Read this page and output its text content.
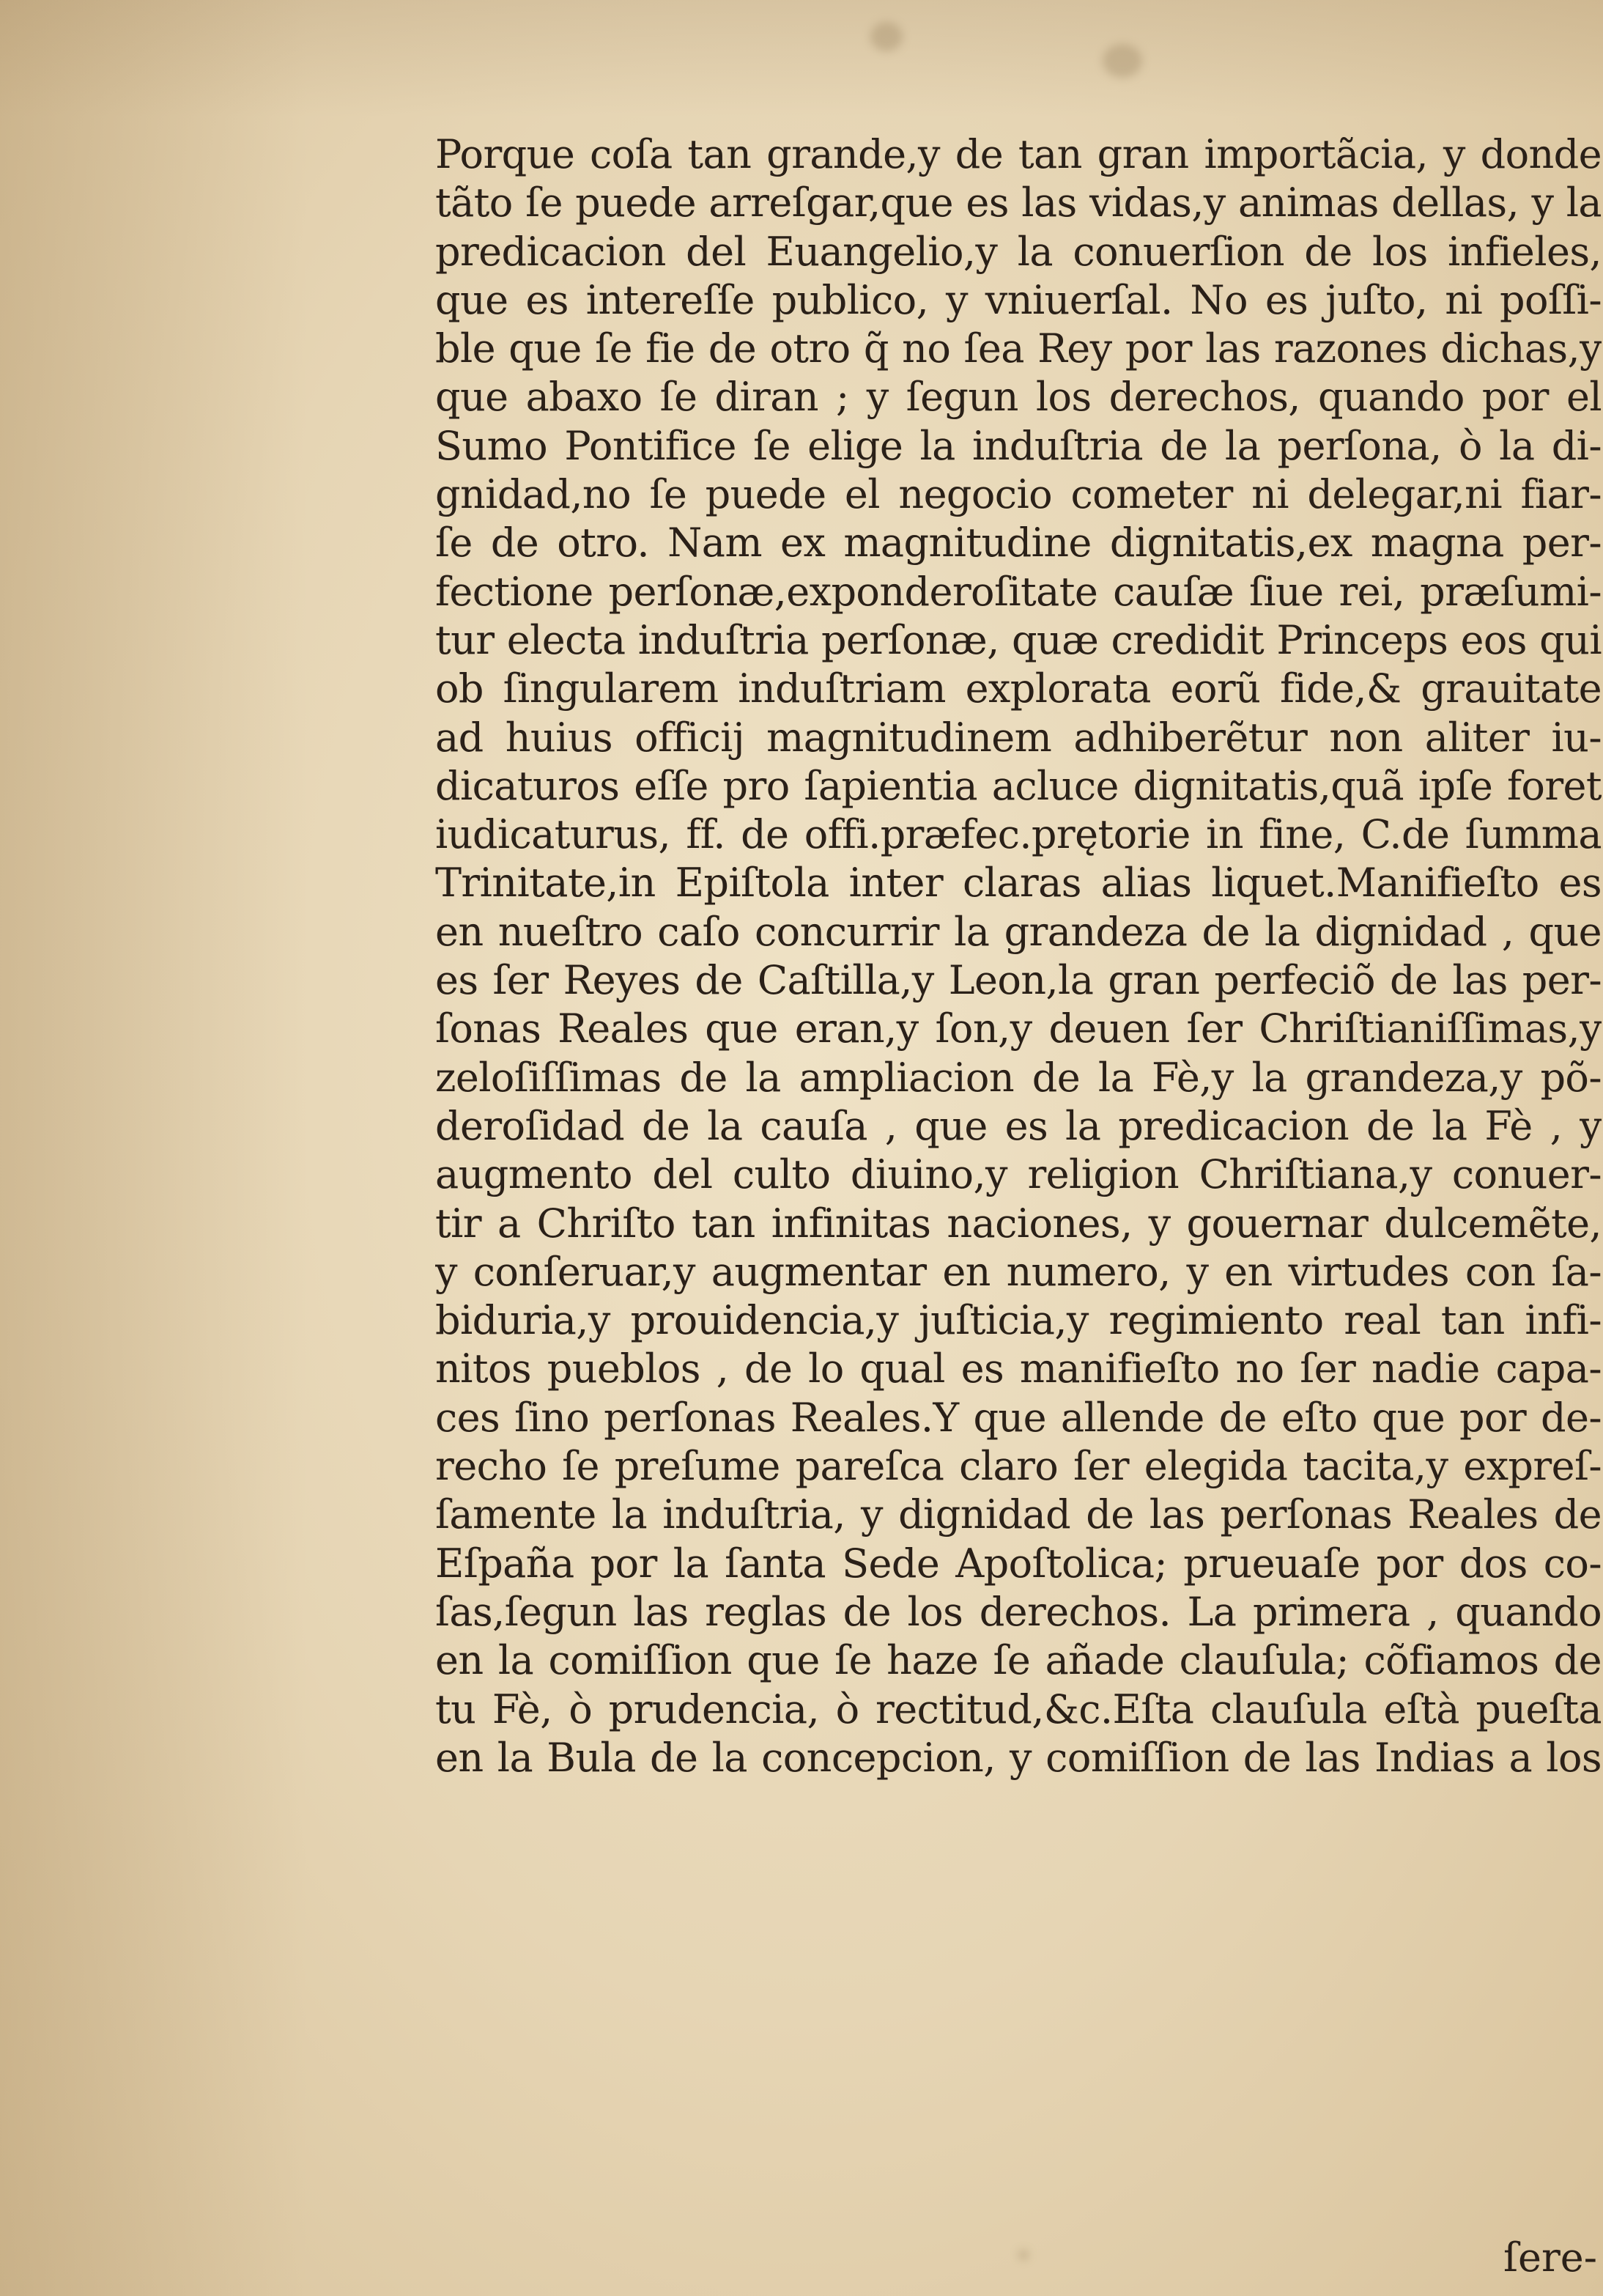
Porque coſa tan grande,y de tan gran importãcia, y donde

tãto ſe puede arreſgar,que es las vidas,y animas dellas, y la

predicacion del Euangelio,y la conuerſion de los infieles,

que es intereſſe publico, y vniuerſal. No es juſto, ni poſſi-

ble que ſe fie de otro q̃ no ſea Rey por las razones dichas,y

que abaxo ſe diran ; y ſegun los derechos, quando por el

Sumo Pontifice ſe elige la induſtria de la perſona, ò la di-

gnidad,no ſe puede el negocio cometer ni delegar,ni fiar-

ſe de otro. Nam ex magnitudine dignitatis,ex magna per-

fectione perſonæ,exponderoſitate cauſæ ſiue rei, præſumi-

tur electa induſtria perſonæ, quæ credidit Princeps eos qui

ob ſingularem induſtriam explorata eorũ fide,& grauitate

ad huius officij magnitudinem adhiberẽtur non aliter iu-

dicaturos eſſe pro ſapientia acluce dignitatis,quã ipſe foret

iudicaturus, ff. de offi.præfec.prętorie in fine, C.de ſumma

Trinitate,in Epiſtola inter claras alias liquet.Manifieſto es

en nueſtro caſo concurrir la grandeza de la dignidad , que

es ſer Reyes de Caſtilla,y Leon,la gran perfeciõ de las per-

ſonas Reales que eran,y ſon,y deuen ſer Chriſtianiſſimas,y

zeloſiſſimas de la ampliacion de la Fè,y la grandeza,y põ-

deroſidad de la cauſa , que es la predicacion de la Fè , y

augmento del culto diuino,y religion Chriſtiana,y conuer-

tir a Chriſto tan infinitas naciones, y gouernar dulcemẽte,

y conſeruar,y augmentar en numero, y en virtudes con ſa-

biduria,y prouidencia,y juſticia,y regimiento real tan infi-

nitos pueblos , de lo qual es manifieſto no ſer nadie capa-

ces ſino perſonas Reales.Y que allende de eſto que por de-

recho ſe preſume pareſca claro ſer elegida tacita,y expreſ-

ſamente la induſtria, y dignidad de las perſonas Reales de

Eſpaña por la ſanta Sede Apoſtolica; prueuaſe por dos co-

ſas,ſegun las reglas de los derechos. La primera , quando

en la comiſſion que ſe haze ſe añade clauſula; cõfiamos de

tu Fè, ò prudencia, ò rectitud,&c.Eſta clauſula eſtà pueſta

en la Bula de la concepcion, y comiſſion de las Indias a los

ſere-
